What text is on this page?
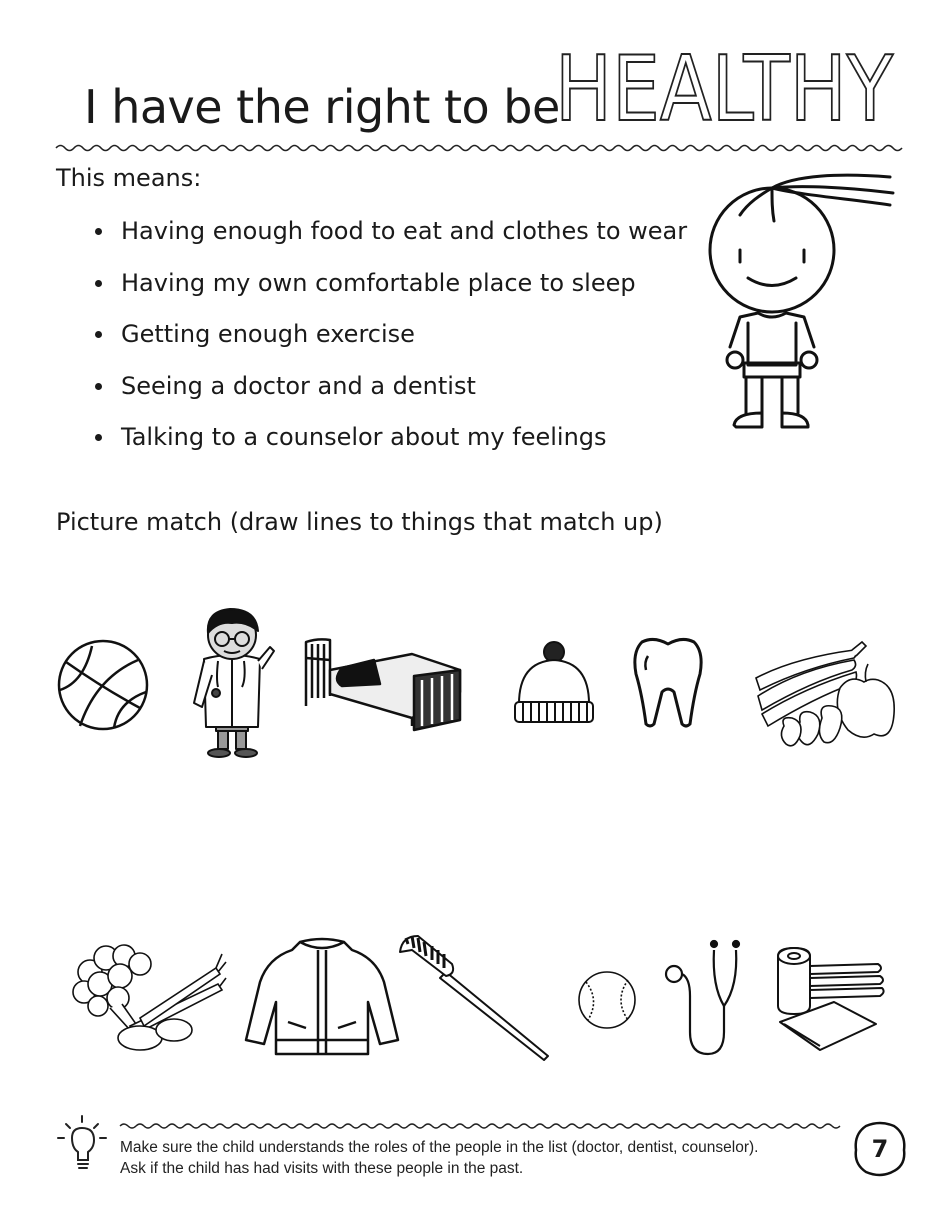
I have the right to be
HEALTHY
This means:
Having enough food to eat and clothes to wear
Having my own comfortable place to sleep
Getting enough exercise
Seeing a doctor and a dentist
Talking to a counselor about my feelings
Picture match (draw lines to things that match up)
Make sure the child understands the roles of the people in the list (doctor, dentist, counselor).
Ask if the child has had visits with these people in the past.
7
